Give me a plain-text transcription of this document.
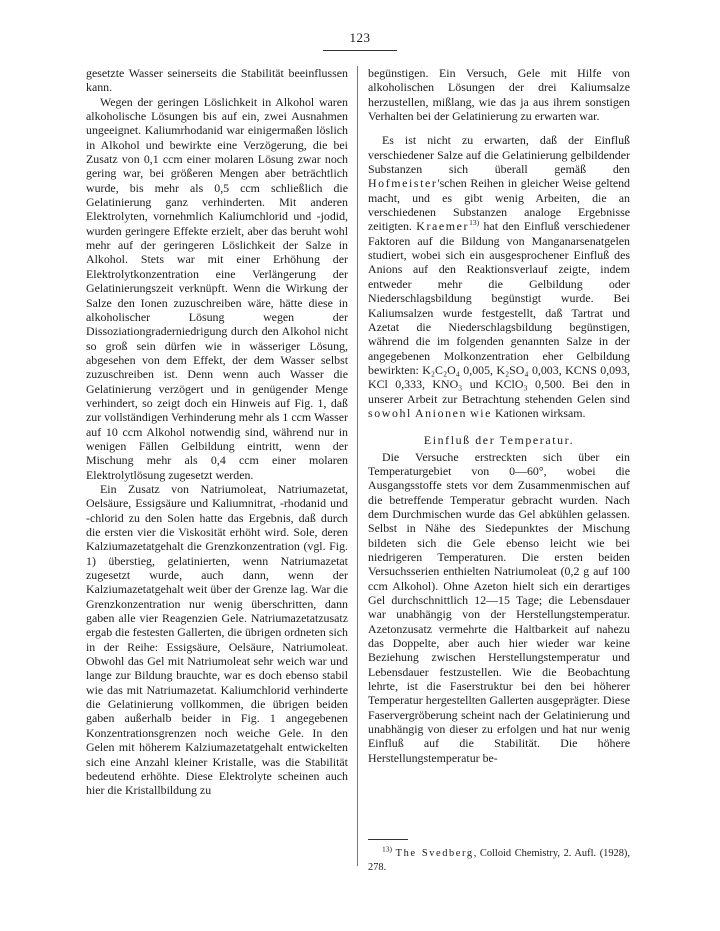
123

gesetzte Wasser seinerseits die Stabilität beeinflussen kann.

Wegen der geringen Löslichkeit in Alkohol waren alkoholische Lösungen bis auf ein, zwei Ausnahmen ungeeignet. Kaliumrhodanid war einigermaßen löslich in Alkohol und bewirkte eine Verzögerung, die bei Zusatz von 0,1 ccm einer molaren Lösung zwar noch gering war, bei größeren Mengen aber beträchtlich wurde, bis mehr als 0,5 ccm schließlich die Gelatinierung ganz verhinderten. Mit anderen Elektrolyten, vornehmlich Kaliumchlorid und -jodid, wurden geringere Effekte erzielt, aber das beruht wohl mehr auf der geringeren Löslichkeit der Salze in Alkohol. Stets war mit einer Erhöhung der Elektrolytkonzentration eine Verlängerung der Gelatinierungszeit verknüpft. Wenn die Wirkung der Salze den Ionen zuzuschreiben wäre, hätte diese in alkoholischer Lösung wegen der Dissoziationgraderniedrigung durch den Alkohol nicht so groß sein dürfen wie in wässeriger Lösung, abgesehen von dem Effekt, der dem Wasser selbst zuzuschreiben ist. Denn wenn auch Wasser die Gelatinierung verzögert und in genügender Menge verhindert, so zeigt doch ein Hinweis auf Fig. 1, daß zur vollständigen Verhinderung mehr als 1 ccm Wasser auf 10 ccm Alkohol notwendig sind, während nur in wenigen Fällen Gelbildung eintritt, wenn der Mischung mehr als 0,4 ccm einer molaren Elektrolytlösung zugesetzt werden.

Ein Zusatz von Natriumoleat, Natriumazetat, Oelsäure, Essigsäure und Kaliumnitrat, -rhodanid und -chlorid zu den Solen hatte das Ergebnis, daß durch die ersten vier die Viskosität erhöht wird. Sole, deren Kalziumazetatgehalt die Grenzkonzentration (vgl. Fig. 1) überstieg, gelatinierten, wenn Natriumazetat zugesetzt wurde, auch dann, wenn der Kalziumazetatgehalt weit über der Grenze lag. War die Grenzkonzentration nur wenig überschritten, dann gaben alle vier Reagenzien Gele. Natriumazetatzusatz ergab die festesten Gallerten, die übrigen ordneten sich in der Reihe: Essigsäure, Oelsäure, Natriumoleat. Obwohl das Gel mit Natriumoleat sehr weich war und lange zur Bildung brauchte, war es doch ebenso stabil wie das mit Natriumazetat. Kaliumchlorid verhinderte die Gelatinierung vollkommen, die übrigen beiden gaben außerhalb beider in Fig. 1 angegebenen Konzentrationsgrenzen noch weiche Gele. In den Gelen mit höherem Kalziumazetatgehalt entwickelten sich eine Anzahl kleiner Kristalle, was die Stabilität bedeutend erhöhte. Diese Elektrolyte scheinen auch hier die Kristallbildung zu

begünstigen. Ein Versuch, Gele mit Hilfe von alkoholischen Lösungen der drei Kaliumsalze herzustellen, mißlang, wie das ja aus ihrem sonstigen Verhalten bei der Gelatinierung zu erwarten war.

Es ist nicht zu erwarten, daß der Einfluß verschiedener Salze auf die Gelatinierung gelbildender Substanzen sich überall gemäß den Hofmeister'schen Reihen in gleicher Weise geltend macht, und es gibt wenig Arbeiten, die an verschiedenen Substanzen analoge Ergebnisse zeitigten. Kraemer$^{13)}$ hat den Einfluß verschiedener Faktoren auf die Bildung von Manganarsenatgelen studiert, wobei sich ein ausgesprochener Einfluß des Anions auf den Reaktionsverlauf zeigte, indem entweder mehr die Gelbildung oder Niederschlagsbildung begünstigt wurde. Bei Kaliumsalzen wurde festgestellt, daß Tartrat und Azetat die Niederschlagsbildung begünstigen, während die im folgenden genannten Salze in der angegebenen Molkonzentration eher Gelbildung bewirkten: K₂C₂O₄ 0,005, K₂SO₄ 0,003, KCNS 0,093, KCl 0,333, KNO₃ und KClO₃ 0,500. Bei den in unserer Arbeit zur Betrachtung stehenden Gelen sind sowohl Anionen wie Kationen wirksam.

Einfluß der Temperatur.

Die Versuche erstreckten sich über ein Temperaturgebiet von 0—60°, wobei die Ausgangsstoffe stets vor dem Zusammenmischen auf die betreffende Temperatur gebracht wurden. Nach dem Durchmischen wurde das Gel abkühlen gelassen. Selbst in Nähe des Siedepunktes der Mischung bildeten sich die Gele ebenso leicht wie bei niedrigeren Temperaturen. Die ersten beiden Versuchsserien enthielten Natriumoleat (0,2 g auf 100 ccm Alkohol). Ohne Azeton hielt sich ein derartiges Gel durchschnittlich 12—15 Tage; die Lebensdauer war unabhängig von der Herstellungstemperatur. Azetonzusatz vermehrte die Haltbarkeit auf nahezu das Doppelte, aber auch hier wieder war keine Beziehung zwischen Herstellungstemperatur und Lebensdauer festzustellen. Wie die Beobachtung lehrte, ist die Faserstruktur bei den bei höherer Temperatur hergestellten Gallerten ausgeprägter. Diese Faservergröberung scheint nach der Gelatinierung und unabhängig von dieser zu erfolgen und hat nur wenig Einfluß auf die Stabilität. Die höhere Herstellungstemperatur be-

$^{13)}$ The Svedberg, Colloid Chemistry, 2. Aufl. (1928), 278.
